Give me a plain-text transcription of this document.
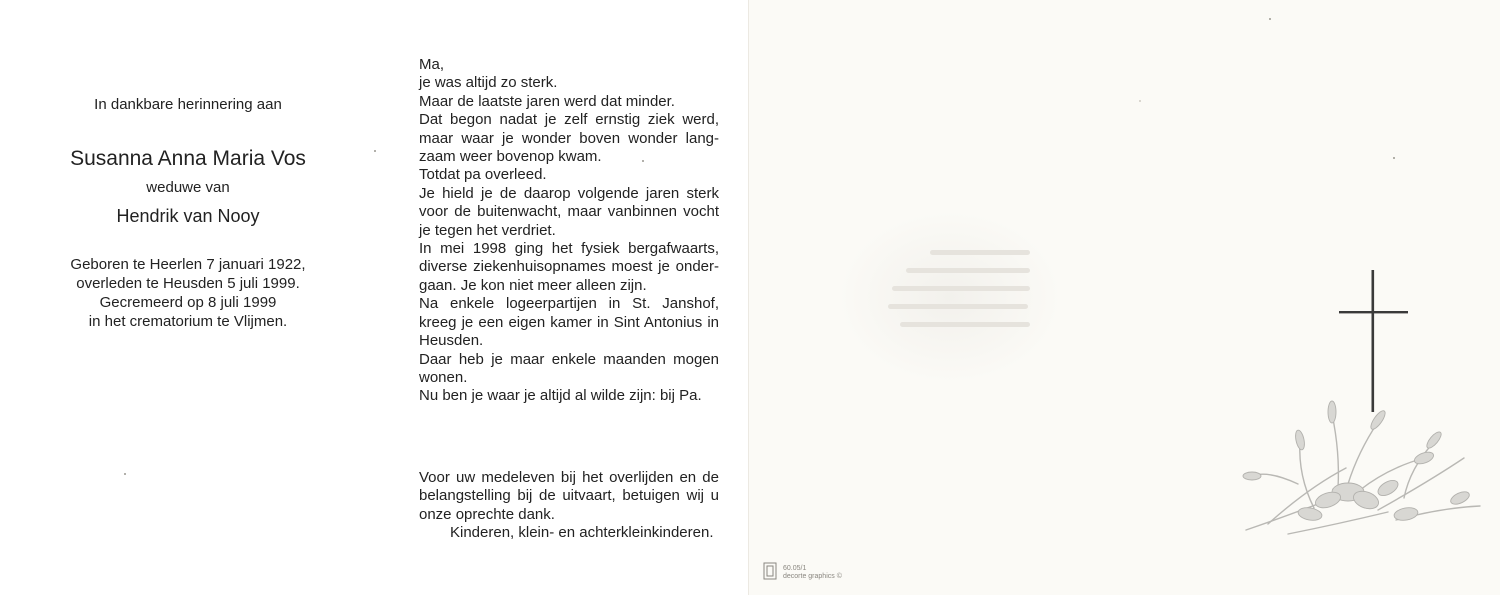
In dankbare herinnering aan
Susanna Anna Maria Vos
weduwe van
Hendrik van Nooy
Geboren te Heerlen 7 januari 1922,
overleden te Heusden 5 juli 1999.
Gecremeerd op 8 juli 1999
in het crematorium te Vlijmen.
Ma,
je was altijd zo sterk.
Maar de laatste jaren werd dat minder.
Dat begon nadat je zelf ernstig ziek werd,
maar waar je wonder boven wonder lang-
zaam weer bovenop kwam.
Totdat pa overleed.
Je hield je de daarop volgende jaren sterk
voor de buitenwacht, maar vanbinnen vocht
je tegen het verdriet.
In mei 1998 ging het fysiek bergafwaarts,
diverse ziekenhuisopnames moest je onder-
gaan. Je kon niet meer alleen zijn.
Na enkele logeerpartijen in St. Janshof,
kreeg je een eigen kamer in Sint Antonius in
Heusden.
Daar heb je maar enkele maanden mogen
wonen.
Nu ben je waar je altijd al wilde zijn: bij Pa.
Voor uw medeleven bij het overlijden en de
belangstelling bij de uitvaart, betuigen wij u
onze oprechte dank.
Kinderen, klein- en achterkleinkinderen.
60.05/1
decorte graphics ©
